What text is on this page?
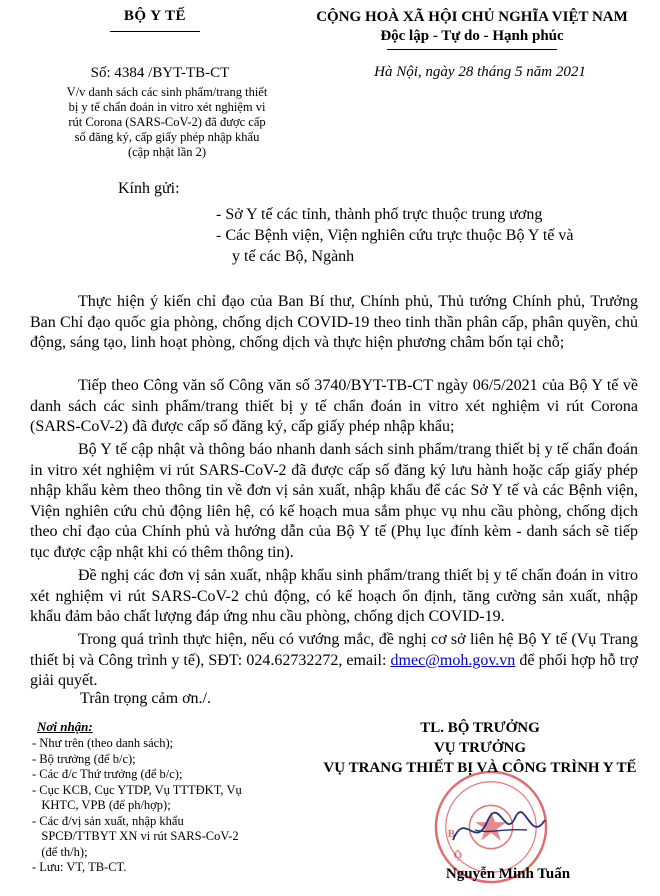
BỘ Y TẾ	CỘNG HOÀ XÃ HỘI CHỦ NGHĨA VIỆT NAM
Độc lập - Tự do - Hạnh phúc
Số: 4384 /BYT-TB-CT
V/v danh sách các sinh phẩm/trang thiết
bị y tế chẩn đoán in vitro xét nghiệm vi
rút Corona (SARS-CoV-2) đã được cấp
số đăng ký, cấp giấy phép nhập khẩu
(cập nhật lần 2)
Hà Nội, ngày 28 tháng 5 năm 2021
Kính gửi:
- Sở Y tế các tỉnh, thành phố trực thuộc trung ương
- Các Bệnh viện, Viện nghiên cứu trực thuộc Bộ Y tế và
y tế các Bộ, Ngành

Thực hiện ý kiến chỉ đạo của Ban Bí thư, Chính phủ, Thủ tướng Chính phủ, Trưởng Ban Chỉ đạo quốc gia phòng, chống dịch COVID-19 theo tinh thần phân cấp, phân quyền, chủ động, sáng tạo, linh hoạt phòng, chống dịch và thực hiện phương châm bốn tại chỗ;

Tiếp theo Công văn số Công văn số 3740/BYT-TB-CT ngày 06/5/2021 của Bộ Y tế về danh sách các sinh phẩm/trang thiết bị y tế chẩn đoán in vitro xét nghiệm vi rút Corona (SARS-CoV-2) đã được cấp số đăng ký, cấp giấy phép nhập khẩu;

Bộ Y tế cập nhật và thông báo nhanh danh sách sinh phẩm/trang thiết bị y tế chẩn đoán in vitro xét nghiệm vi rút SARS-CoV-2 đã được cấp số đăng ký lưu hành hoặc cấp giấy phép nhập khẩu kèm theo thông tin về đơn vị sản xuất, nhập khẩu để các Sở Y tế và các Bệnh viện, Viện nghiên cứu chủ động liên hệ, có kế hoạch mua sắm phục vụ nhu cầu phòng, chống dịch theo chỉ đạo của Chính phủ và hướng dẫn của Bộ Y tế (Phụ lục đính kèm - danh sách sẽ tiếp tục được cập nhật khi có thêm thông tin).

Đề nghị các đơn vị sản xuất, nhập khẩu sinh phẩm/trang thiết bị y tế chẩn đoán in vitro xét nghiệm vi rút SARS-CoV-2 chủ động, có kế hoạch ổn định, tăng cường sản xuất, nhập khẩu đảm bảo chất lượng đáp ứng nhu cầu phòng, chống dịch COVID-19.

Trong quá trình thực hiện, nếu có vướng mắc, đề nghị cơ sở liên hệ Bộ Y tế (Vụ Trang thiết bị và Công trình y tế), SĐT: 024.62732272, email: dmec@moh.gov.vn để phối hợp hỗ trợ giải quyết.

Trân trọng cảm ơn./.
Nơi nhận:
- Như trên (theo danh sách);
- Bộ trưởng (để b/c);
- Các đ/c Thứ trưởng (để b/c);
- Cục KCB, Cục YTDP, Vụ TTTĐKT, Vụ
KHTC, VPB (để ph/hợp);
- Các đ/vị sản xuất, nhập khẩu
SPCĐ/TTBYT XN vi rút SARS-CoV-2
(để th/h);
- Lưu: VT, TB-CT.
B
Ộ
TL. BỘ TRƯỞNG
VỤ TRƯỞNG
VỤ TRANG THIẾT BỊ VÀ CÔNG TRÌNH Y TẾ
Nguyễn Minh Tuấn
